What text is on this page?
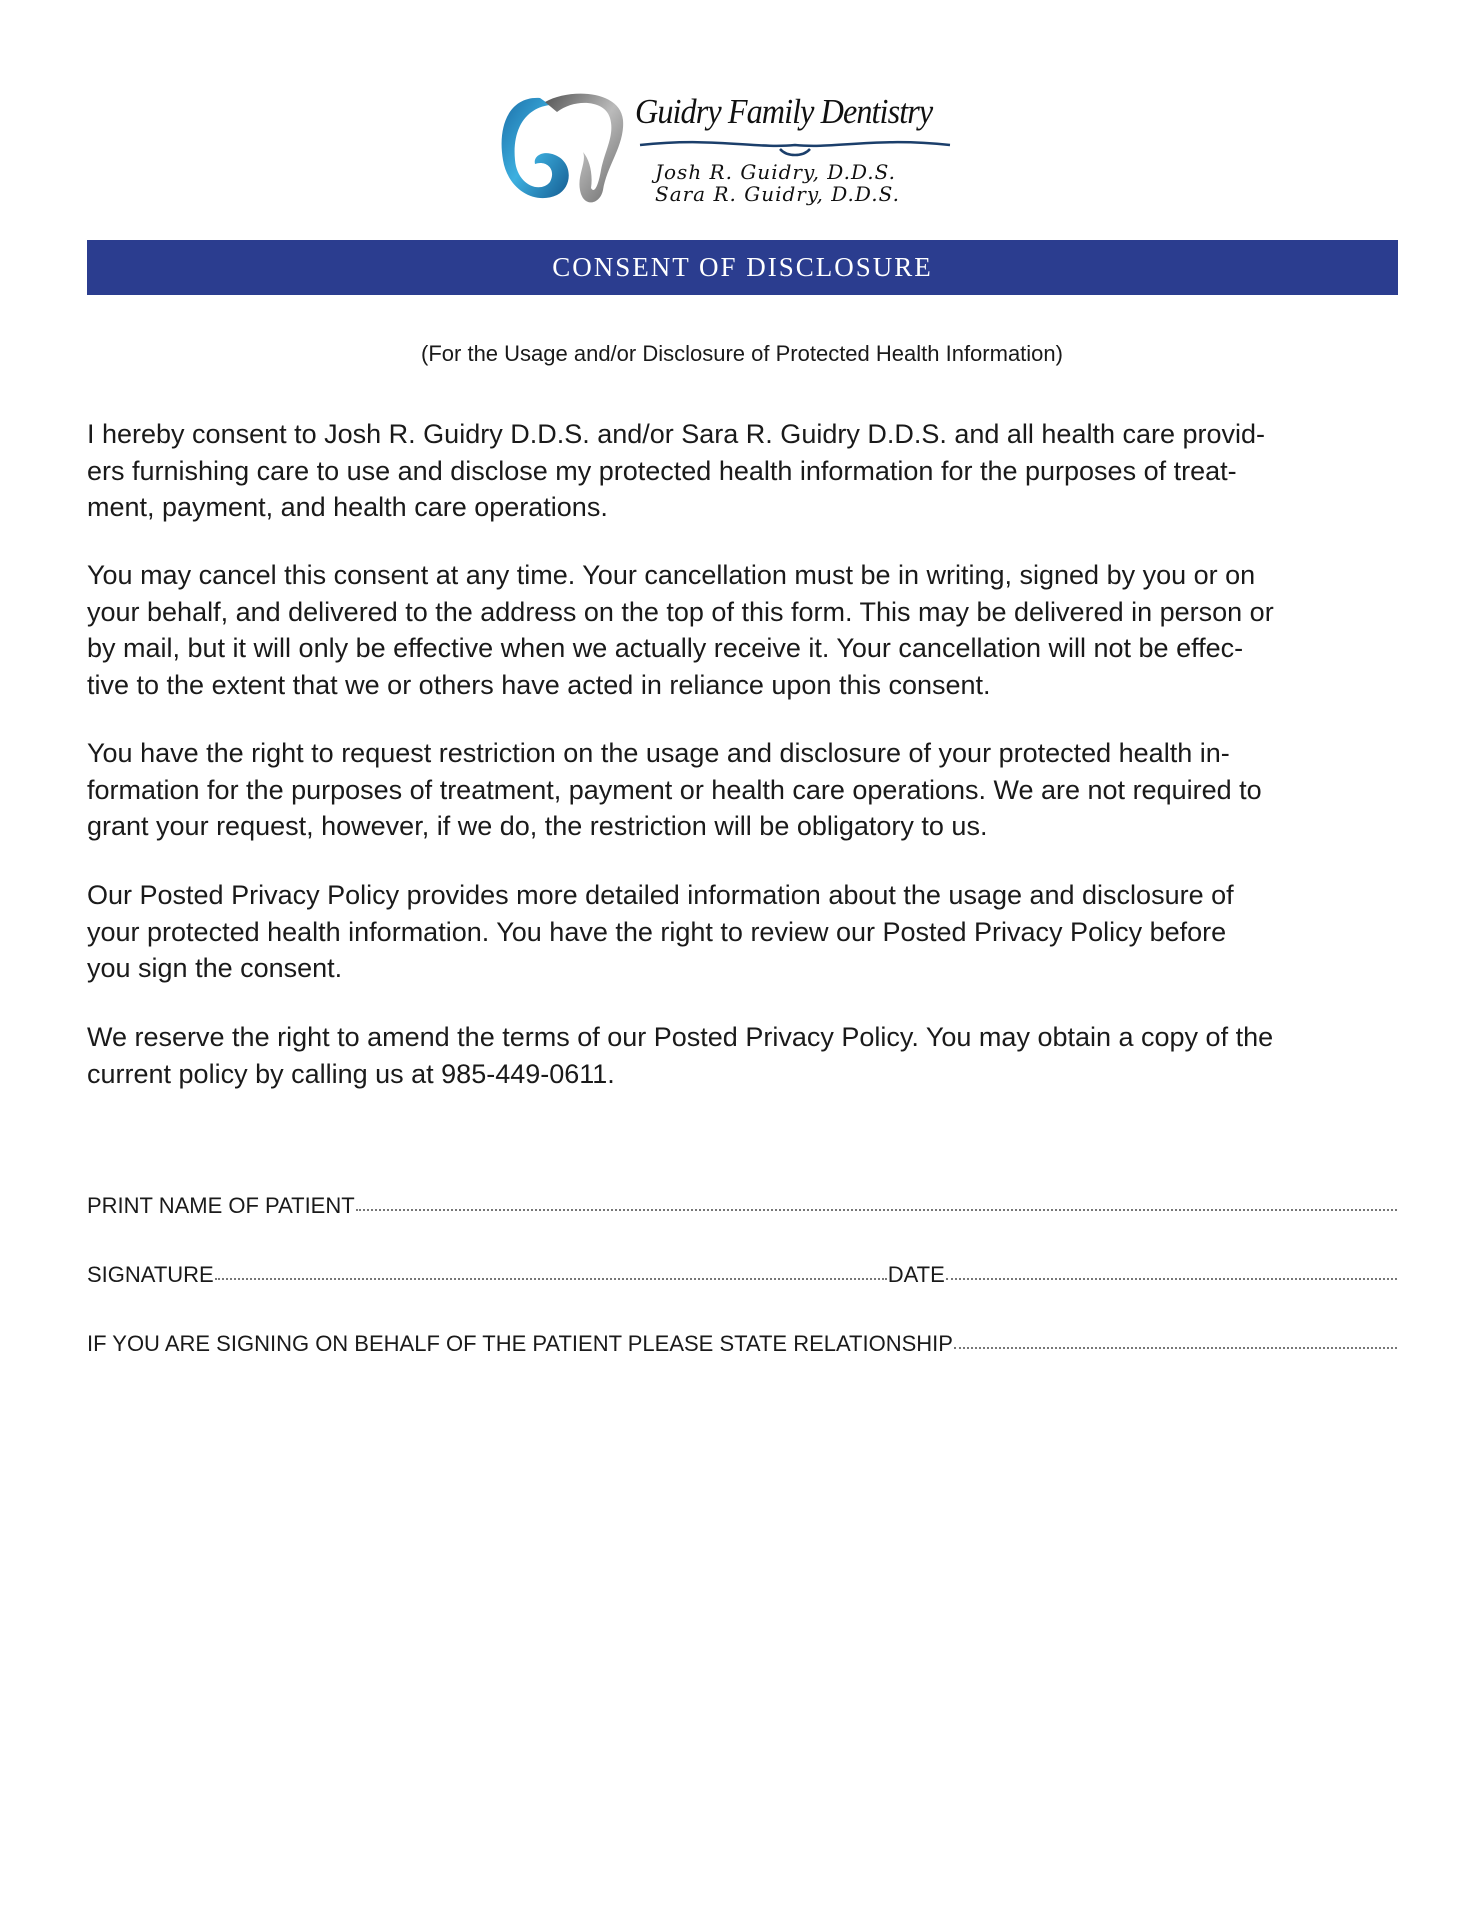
Guidry Family Dentistry
Josh R. Guidry, D.D.S.
Sara R. Guidry, D.D.S.
CONSENT OF DISCLOSURE
(For the Usage and/or Disclosure of Protected Health Information)
I hereby consent to Josh R. Guidry D.D.S. and/or Sara R. Guidry D.D.S. and all health care provid-
ers furnishing care to use and disclose my protected health information for the purposes of treat-
ment, payment, and health care operations.
You may cancel this consent at any time. Your cancellation must be in writing, signed by you or on
your behalf, and delivered to the address on the top of this form. This may be delivered in person or
by mail, but it will only be effective when we actually receive it. Your cancellation will not be effec-
tive to the extent that we or others have acted in reliance upon this consent.
You have the right to request restriction on the usage and disclosure of your protected health in-
formation for the purposes of treatment, payment or health care operations. We are not required to
grant your request, however, if we do, the restriction will be obligatory to us.
Our Posted Privacy Policy provides more detailed information about the usage and disclosure of
your protected health information. You have the right to review our Posted Privacy Policy before
you sign the consent.
We reserve the right to amend the terms of our Posted Privacy Policy. You may obtain a copy of the
current policy by calling us at 985-449-0611.
PRINT NAME OF PATIENT
SIGNATURE	DATE
IF YOU ARE SIGNING ON BEHALF OF THE PATIENT PLEASE STATE RELATIONSHIP
